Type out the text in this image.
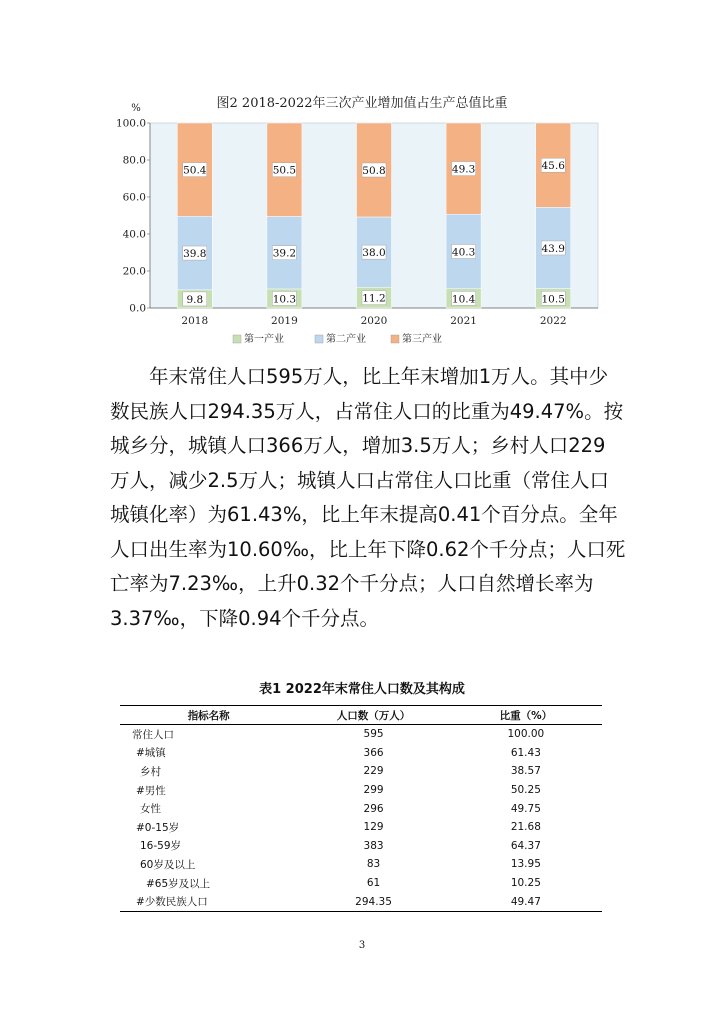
图2 2018-2022年三次产业增加值占生产总值比重
0.0
20.0
40.0
60.0
80.0
100.0
%
9.8
39.8
50.4
2018
10.3
39.2
50.5
2019
11.2
38.0
50.8
2020
10.4
40.3
49.3
2021
10.5
43.9
45.6
2022
第一产业	第二产业	第三产业
　　年末常住人口595万人，比上年末增加1万人。其中少
数民族人口294.35万人，占常住人口的比重为49.47%。按
城乡分，城镇人口366万人，增加3.5万人；乡村人口229
万人，减少2.5万人；城镇人口占常住人口比重（常住人口
城镇化率）为61.43%，比上年末提高0.41个百分点。全年
人口出生率为10.60‰，比上年下降0.62个千分点；人口死
亡率为7.23‰，上升0.32个千分点；人口自然增长率为
3.37‰，下降0.94个千分点。
表1 2022年末常住人口数及其构成
指标名称	人口数（万人）	比重（%）
常住人口	595	100.00
#城镇	366	61.43
乡村	229	38.57
#男性	299	50.25
女性	296	49.75
#0-15岁	129	21.68
16-59岁	383	64.37
60岁及以上	83	13.95
#65岁及以上	61	10.25
#少数民族人口	294.35	49.47
3
